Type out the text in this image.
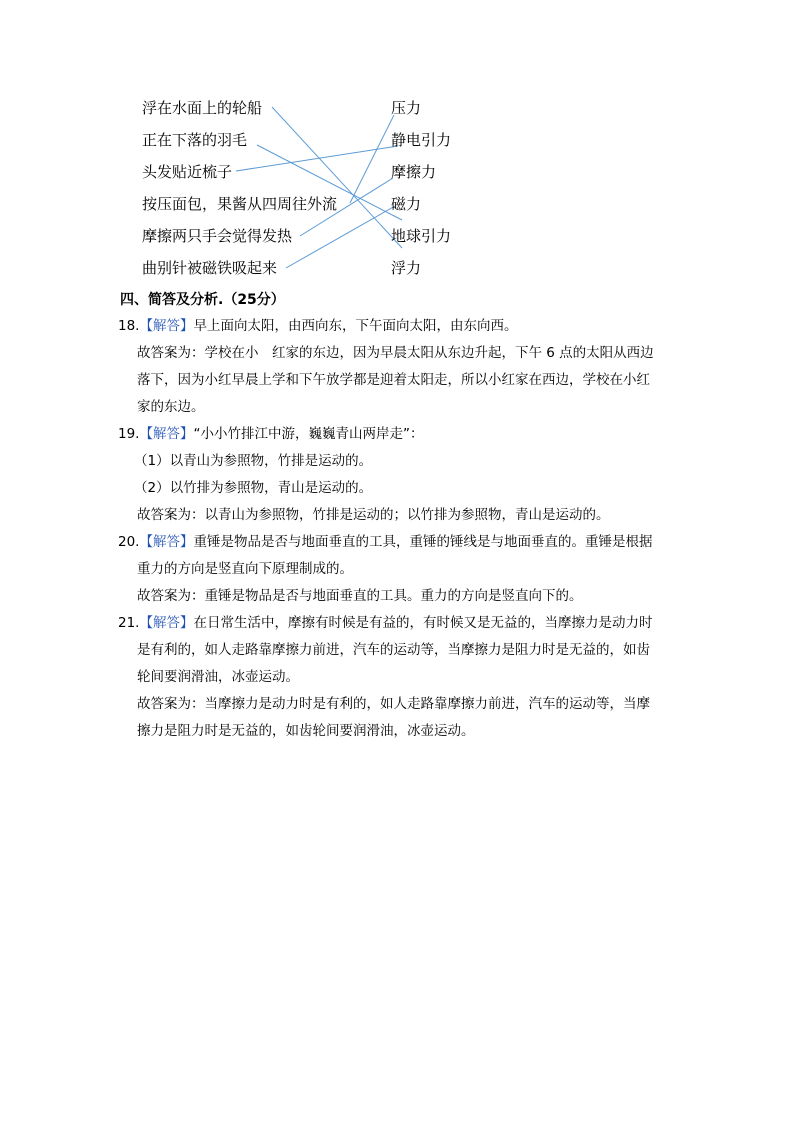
浮在水面上的轮船
正在下落的羽毛
头发贴近梳子
按压面包，果酱从四周往外流
摩擦两只手会觉得发热
曲别针被磁铁吸起来
压力
静电引力
摩擦力
磁力
地球引力
浮力
四、简答及分析.（25分）
18.【解答】早上面向太阳，由西向东，下午面向太阳，由东向西。
故答案为：学校在小　红家的东边，因为早晨太阳从东边升起，下午 6 点的太阳从西边
落下，因为小红早晨上学和下午放学都是迎着太阳走，所以小红家在西边，学校在小红
家的东边。
19.【解答】“小小竹排江中游，巍巍青山两岸走”：
（1）以青山为参照物，竹排是运动的。
（2）以竹排为参照物，青山是运动的。
故答案为：以青山为参照物，竹排是运动的；以竹排为参照物，青山是运动的。
20.【解答】重锤是物品是否与地面垂直的工具，重锤的锤线是与地面垂直的。重锤是根据
重力的方向是竖直向下原理制成的。
故答案为：重锤是物品是否与地面垂直的工具。重力的方向是竖直向下的。
21.【解答】在日常生活中，摩擦有时候是有益的，有时候又是无益的，当摩擦力是动力时
是有利的，如人走路靠摩擦力前进，汽车的运动等，当摩擦力是阻力时是无益的，如齿
轮间要润滑油，冰壶运动。
故答案为：当摩擦力是动力时是有利的，如人走路靠摩擦力前进，汽车的运动等，当摩
擦力是阻力时是无益的，如齿轮间要润滑油，冰壶运动。
